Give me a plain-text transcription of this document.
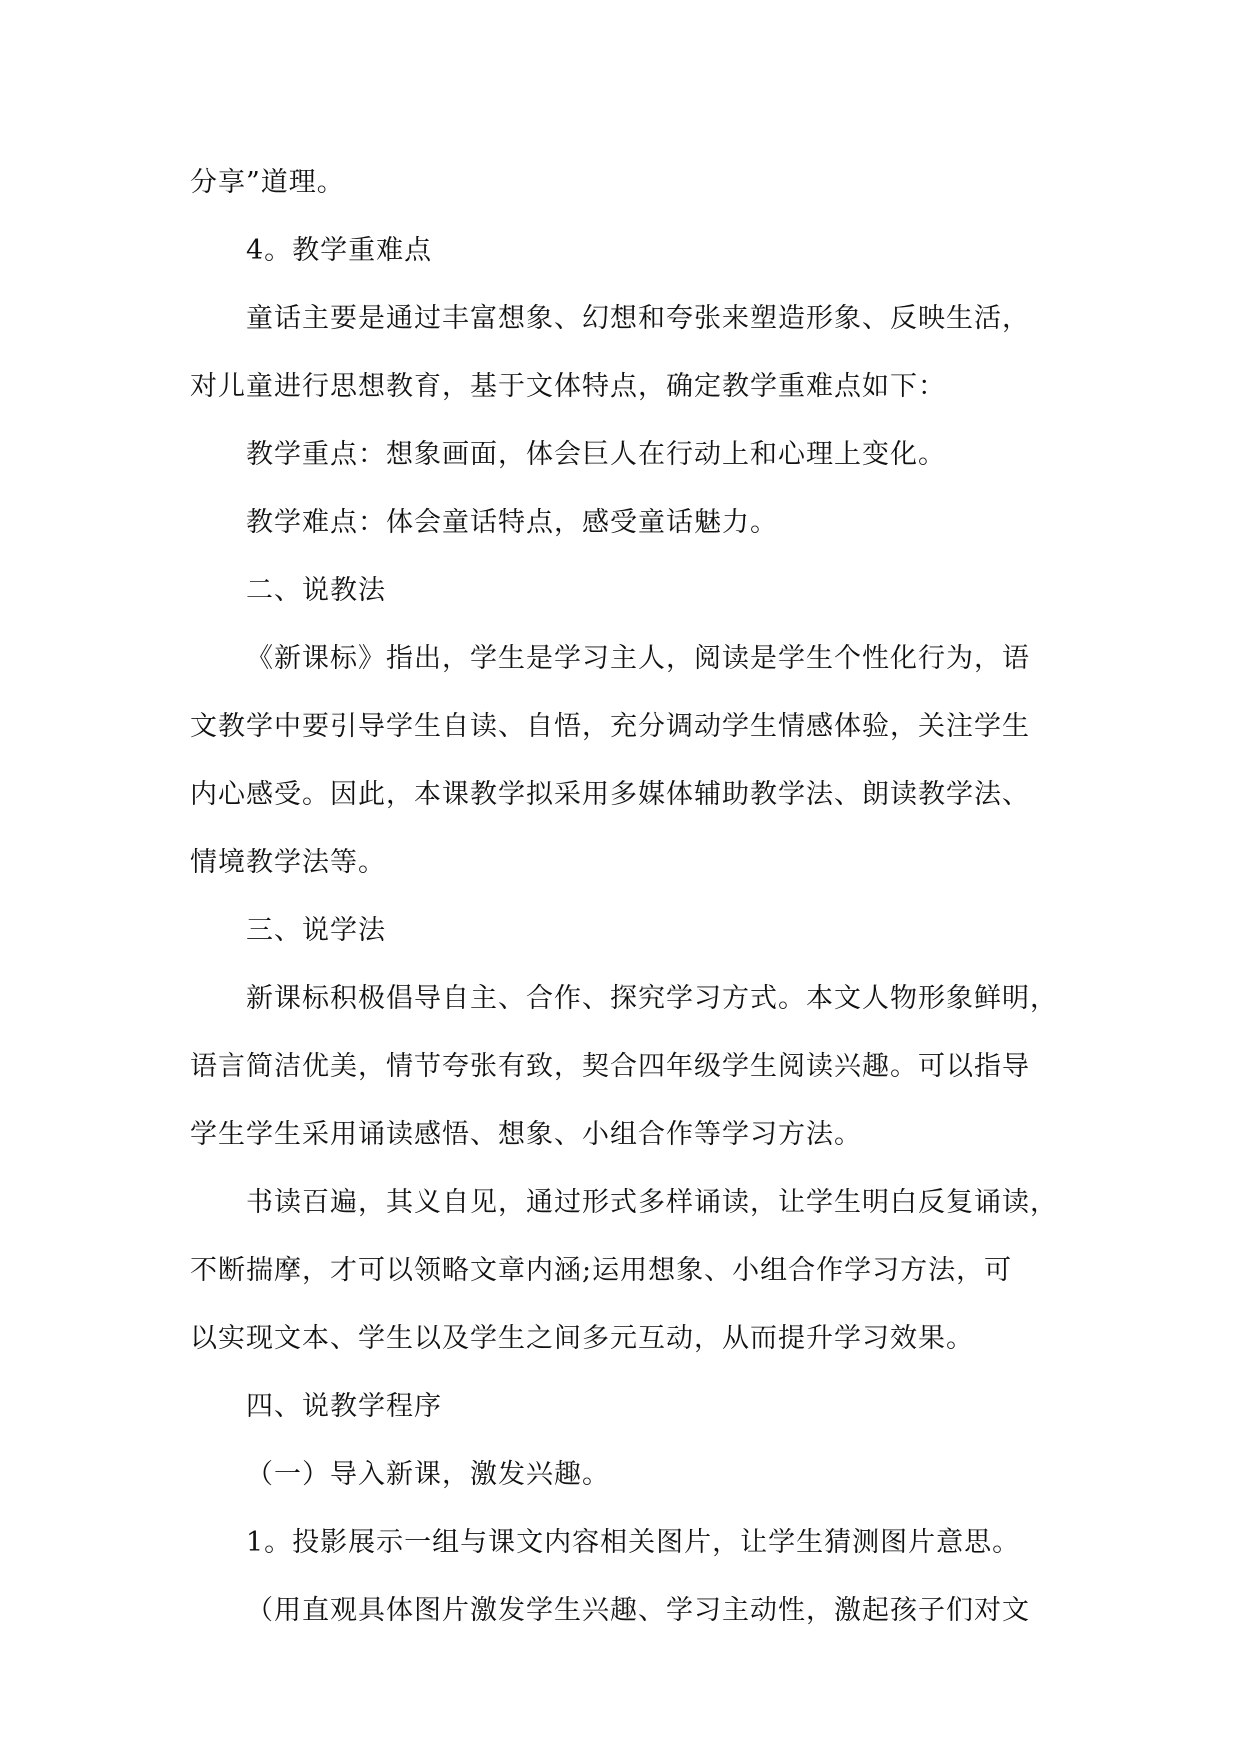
分享”道理。
4。教学重难点
童话主要是通过丰富想象、幻想和夸张来塑造形象、反映生活，
对儿童进行思想教育，基于文体特点，确定教学重难点如下：
教学重点：想象画面，体会巨人在行动上和心理上变化。
教学难点：体会童话特点，感受童话魅力。
二、说教法
《新课标》指出，学生是学习主人，阅读是学生个性化行为，语
文教学中要引导学生自读、自悟，充分调动学生情感体验，关注学生
内心感受。因此，本课教学拟采用多媒体辅助教学法、朗读教学法、
情境教学法等。
三、说学法
新课标积极倡导自主、合作、探究学习方式。本文人物形象鲜明，
语言简洁优美，情节夸张有致，契合四年级学生阅读兴趣。可以指导
学生学生采用诵读感悟、想象、小组合作等学习方法。
书读百遍，其义自见，通过形式多样诵读，让学生明白反复诵读，
不断揣摩，才可以领略文章内涵;运用想象、小组合作学习方法，可
以实现文本、学生以及学生之间多元互动，从而提升学习效果。
四、说教学程序
（一）导入新课，激发兴趣。
1。投影展示一组与课文内容相关图片，让学生猜测图片意思。
（用直观具体图片激发学生兴趣、学习主动性，激起孩子们对文
